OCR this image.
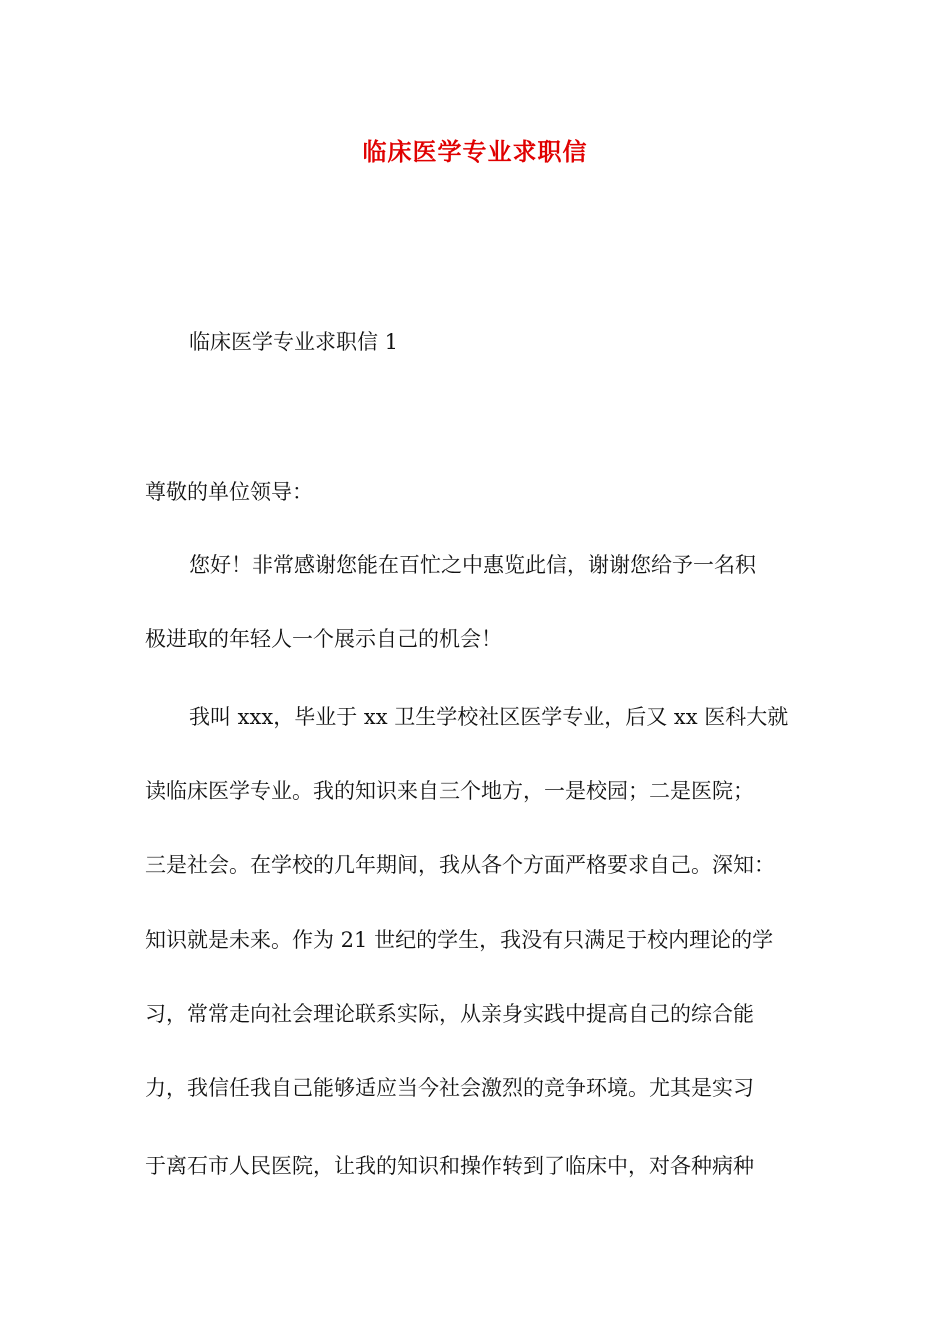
临床医学专业求职信
临床医学专业求职信 1
尊敬的单位领导：
您好！非常感谢您能在百忙之中惠览此信，谢谢您给予一名积
极进取的年轻人一个展示自己的机会！
我叫 xxx，毕业于 xx 卫生学校社区医学专业，后又 xx 医科大就
读临床医学专业。我的知识来自三个地方，一是校园；二是医院；
三是社会。在学校的几年期间，我从各个方面严格要求自己。深知：
知识就是未来。作为 21 世纪的学生，我没有只满足于校内理论的学
习，常常走向社会理论联系实际，从亲身实践中提高自己的综合能
力，我信任我自己能够适应当今社会激烈的竞争环境。尤其是实习
于离石市人民医院，让我的知识和操作转到了临床中，对各种病种
